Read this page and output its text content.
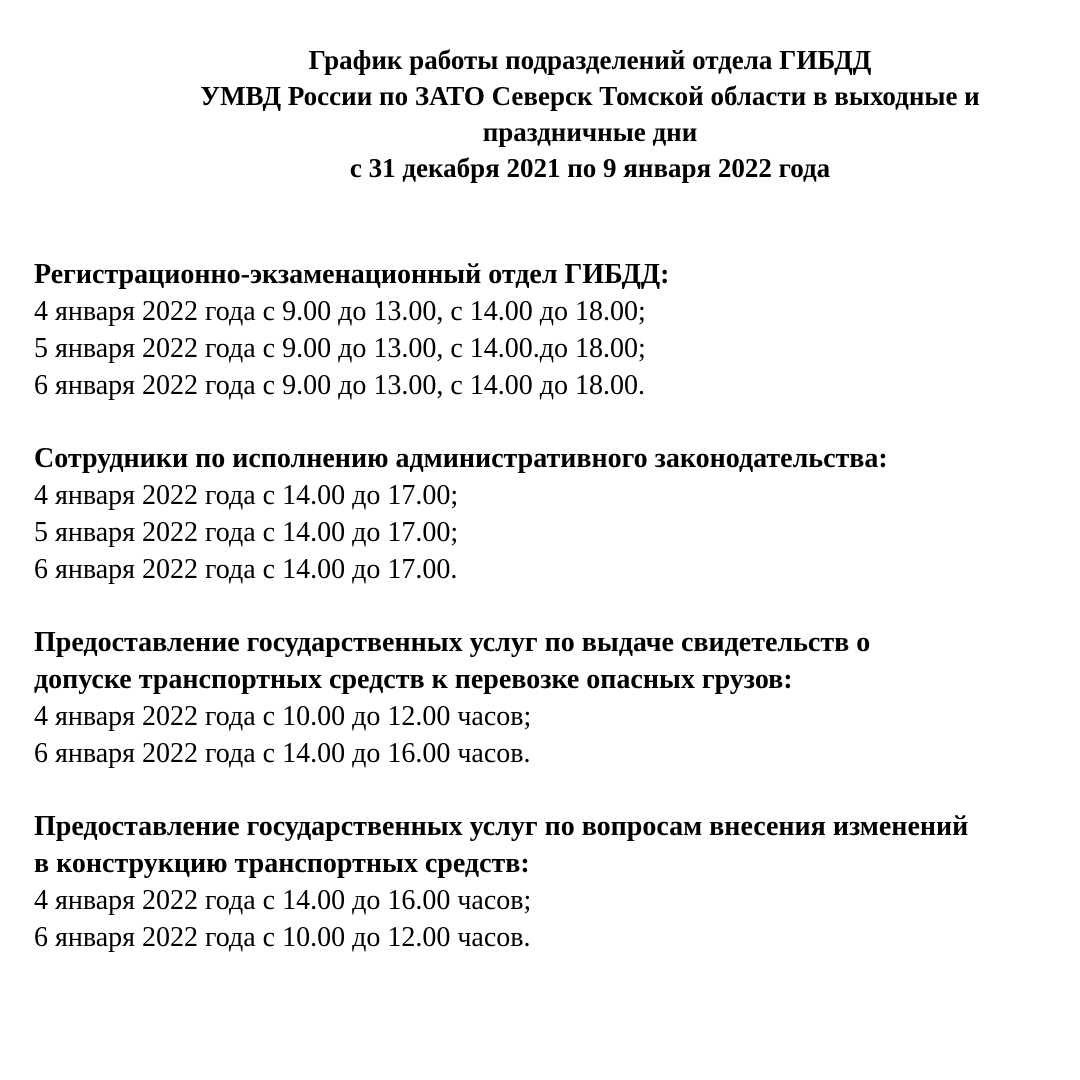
График работы подразделений отдела ГИБДД
УМВД России по ЗАТО Северск Томской области в выходные и
праздничные дни
с 31 декабря 2021 по 9 января 2022 года
Регистрационно-экзаменационный отдел ГИБДД:
4 января 2022 года с 9.00 до 13.00, с 14.00 до 18.00;
5 января 2022 года с 9.00 до 13.00, с 14.00.до 18.00;
6 января 2022 года с 9.00 до 13.00, с 14.00 до 18.00.
Сотрудники по исполнению административного законодательства:
4 января 2022 года с 14.00 до 17.00;
5 января 2022 года с 14.00 до 17.00;
6 января 2022 года с 14.00 до 17.00.
Предоставление государственных услуг по выдаче свидетельств о
допуске транспортных средств к перевозке опасных грузов:
4 января 2022 года с 10.00 до 12.00 часов;
6 января 2022 года с 14.00 до 16.00 часов.
Предоставление государственных услуг по вопросам внесения изменений
в конструкцию транспортных средств:
4 января 2022 года с 14.00 до 16.00 часов;
6 января 2022 года с 10.00 до 12.00 часов.
